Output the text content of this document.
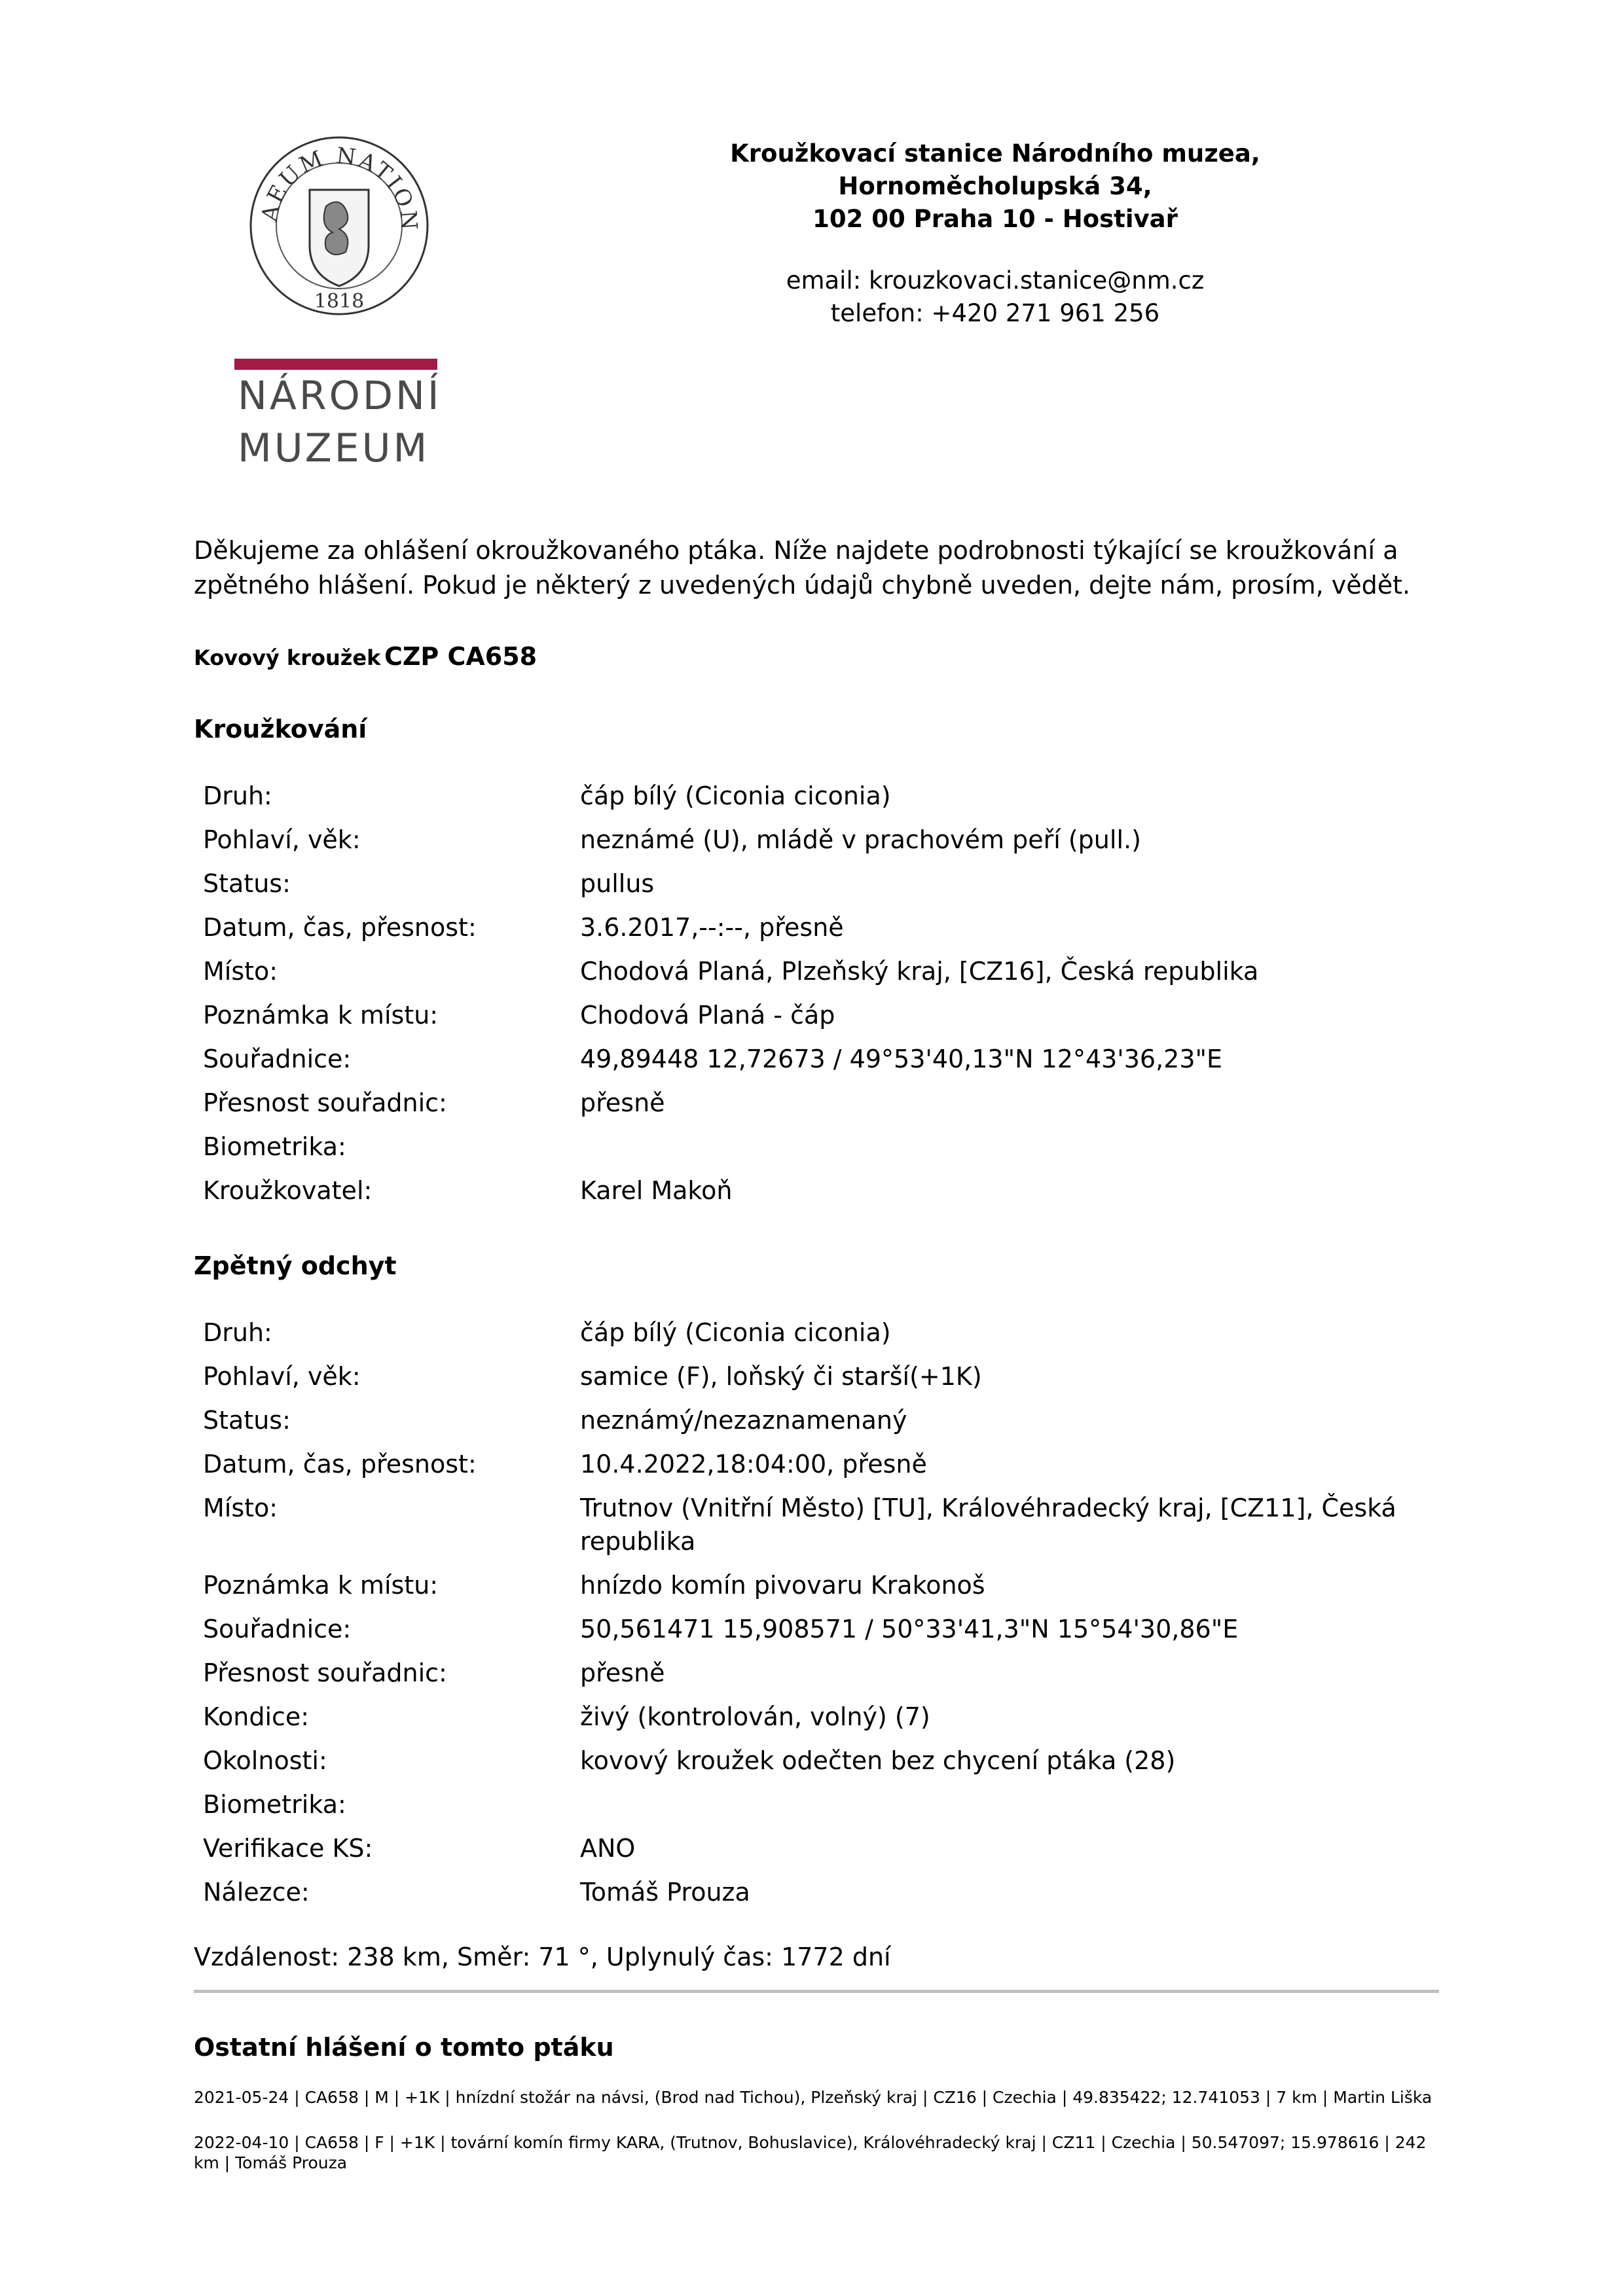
AEUM NATION
1818
NÁRODNÍ
MUZEUM
Kroužkovací stanice Národního muzea,
Hornoměcholupská 34,
102 00 Praha 10 - Hostivař
email: krouzkovaci.stanice@nm.cz
telefon: +420 271 961 256

Děkujeme za ohlášení okroužkovaného ptáka. Níže najdete podrobnosti týkající se kroužkování a zpětného hlášení. Pokud je některý z uvedených údajů chybně uveden, dejte nám, prosím, vědět.

Kovový kroužek CZP CA658
Kroužkování
Druh:	čáp bílý (Ciconia ciconia)
Pohlaví, věk:	neznámé (U), mládě v prachovém peří (pull.)
Status:	pullus
Datum, čas, přesnost:	3.6.2017,--:--, přesně
Místo:	Chodová Planá, Plzeňský kraj, [CZ16], Česká republika
Poznámka k místu:	Chodová Planá - čáp
Souřadnice:	49,89448 12,72673 / 49°53'40,13"N 12°43'36,23"E
Přesnost souřadnic:	přesně
Biometrika:
Kroužkovatel:	Karel Makoň
Zpětný odchyt
Druh:	čáp bílý (Ciconia ciconia)
Pohlaví, věk:	samice (F), loňský či starší(+1K)
Status:	neznámý/nezaznamenaný
Datum, čas, přesnost:	10.4.2022,18:04:00, přesně
Místo:	Trutnov (Vnitřní Město) [TU], Královéhradecký kraj, [CZ11], Česká republika
Poznámka k místu:	hnízdo komín pivovaru Krakonoš
Souřadnice:	50,561471 15,908571 / 50°33'41,3"N 15°54'30,86"E
Přesnost souřadnic:	přesně
Kondice:	živý (kontrolován, volný) (7)
Okolnosti:	kovový kroužek odečten bez chycení ptáka (28)
Biometrika:
Verifikace KS:	ANO
Nálezce:	Tomáš Prouza
Vzdálenost: 238 km, Směr: 71 °, Uplynulý čas: 1772 dní
Ostatní hlášení o tomto ptáku
2021-05-24 | CA658 | M | +1K | hnízdní stožár na návsi, (Brod nad Tichou), Plzeňský kraj | CZ16 | Czechia | 49.835422; 12.741053 | 7 km | Martin Liška
2022-04-10 | CA658 | F | +1K | tovární komín firmy KARA, (Trutnov, Bohuslavice), Královéhradecký kraj | CZ11 | Czechia | 50.547097; 15.978616 | 242 km | Tomáš Prouza
